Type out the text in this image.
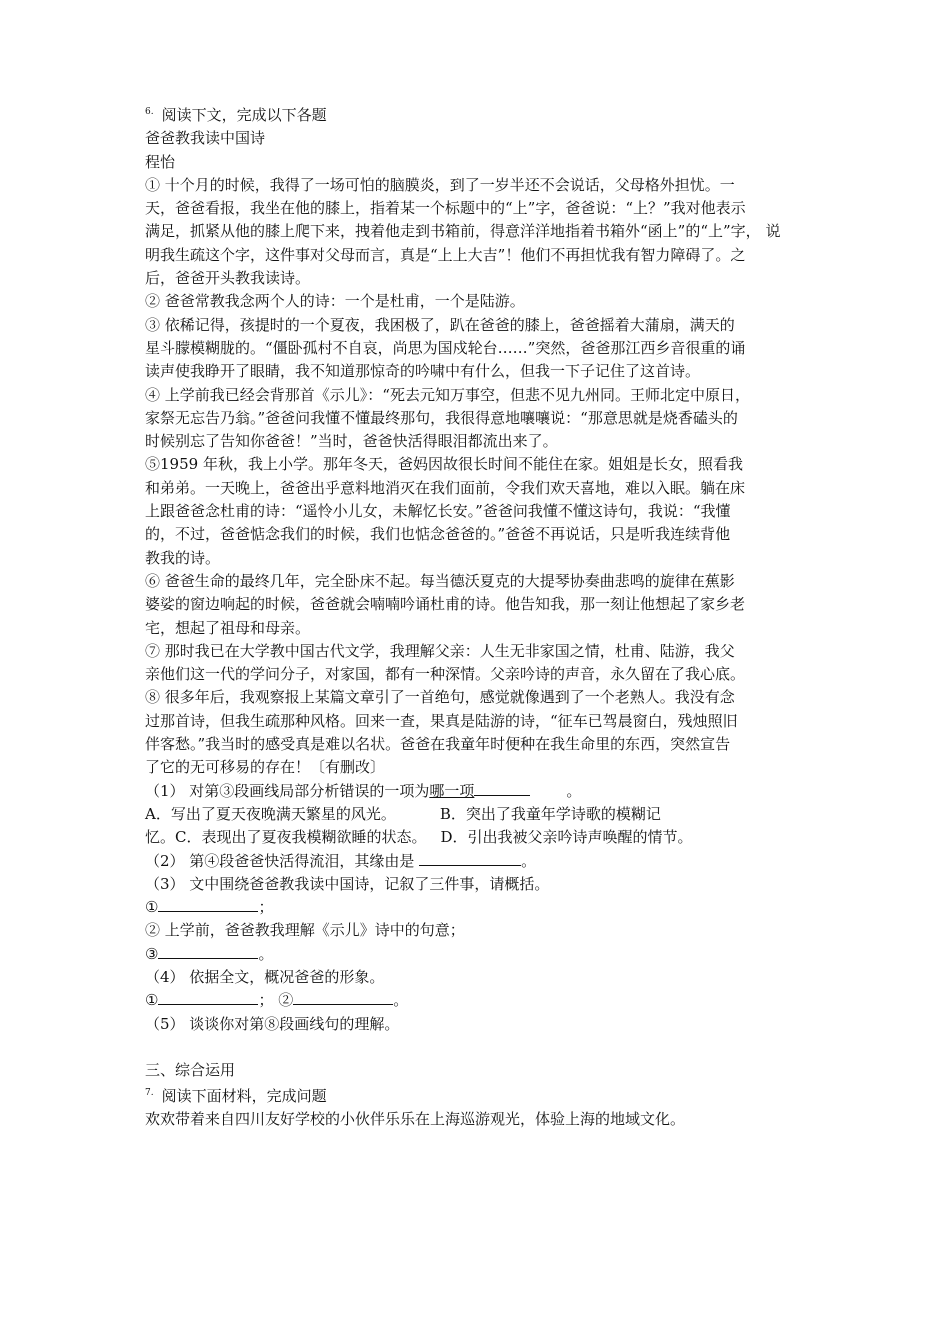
$^{6.}$ 阅读下文，完成以下各题
爸爸教我读中国诗
程怡
① 十个月的时候，我得了一场可怕的脑膜炎，到了一岁半还不会说话，父母格外担忧。一
天，爸爸看报，我坐在他的膝上，指着某一个标题中的“上”字，爸爸说：“上？”我对他表示
满足，抓紧从他的膝上爬下来，拽着他走到书箱前，得意洋洋地指着书箱外“函上”的“上”字， 说
明我生疏这个字，这件事对父母而言，真是“上上大吉”！他们不再担忧我有智力障碍了。之
后，爸爸开头教我读诗。
② 爸爸常教我念两个人的诗：一个是杜甫，一个是陆游。
③ 依稀记得，孩提时的一个夏夜，我困极了，趴在爸爸的膝上，爸爸摇着大蒲扇，满天的
星斗朦模糊胧的。“僵卧孤村不自哀，尚思为国戍轮台……”突然，爸爸那江西乡音很重的诵
读声使我睁开了眼睛，我不知道那惊奇的吟啸中有什么，但我一下子记住了这首诗。
④ 上学前我已经会背那首《示儿》：“死去元知万事空，但悲不见九州同。王师北定中原日，
家祭无忘告乃翁。”爸爸问我懂不懂最终那句，我很得意地嚷嚷说：“那意思就是烧香磕头的
时候别忘了告知你爸爸！”当时，爸爸快活得眼泪都流出来了。
⑤1959 年秋，我上小学。那年冬天，爸妈因故很长时间不能住在家。姐姐是长女，照看我
和弟弟。一天晚上，爸爸出乎意料地消灭在我们面前，令我们欢天喜地，难以入眠。躺在床
上跟爸爸念杜甫的诗：“遥怜小儿女，未解忆长安。”爸爸问我懂不懂这诗句，我说：“我懂
的，不过，爸爸惦念我们的时候，我们也惦念爸爸的。”爸爸不再说话，只是听我连续背他
教我的诗。
⑥ 爸爸生命的最终几年，完全卧床不起。每当德沃夏克的大提琴协奏曲悲鸣的旋律在蕉影
婆娑的窗边响起的时候，爸爸就会喃喃吟诵杜甫的诗。他告知我，那一刻让他想起了家乡老
宅，想起了祖母和母亲。
⑦ 那时我已在大学教中国古代文学，我理解父亲：人生无非家国之情，杜甫、陆游，我父
亲他们这一代的学问分子，对家国，都有一种深情。父亲吟诗的声音，永久留在了我心底。
⑧ 很多年后，我观察报上某篇文章引了一首绝句，感觉就像遇到了一个老熟人。我没有念
过那首诗，但我生疏那种风格。回来一查，果真是陆游的诗，“征车已驾晨窗白，残烛照旧
伴客愁。”我当时的感受真是难以名状。爸爸在我童年时便种在我生命里的东西，突然宣告
了它的无可移易的存在！〔有删改〕
（1） 对第③段画线局部分析错误的一项为哪一项	。
A．写出了夏天夜晚满天繁星的风光。	B．突出了我童年学诗歌的模糊记
忆。C．表现出了夏夜我模糊欲睡的状态。 D．引出我被父亲吟诗声唤醒的情节。
（2） 第④段爸爸快活得流泪，其缘由是	。
（3） 文中围绕爸爸教我读中国诗，记叙了三件事，请概括。
①	；
② 上学前，爸爸教我理解《示儿》诗中的句意；
③	。
（4） 依据全文，概况爸爸的形象。
①	； ②	。
（5） 谈谈你对第⑧段画线句的理解。
三、综合运用
$^{7.}$ 阅读下面材料，完成问题
欢欢带着来自四川友好学校的小伙伴乐乐在上海巡游观光，体验上海的地域文化。
